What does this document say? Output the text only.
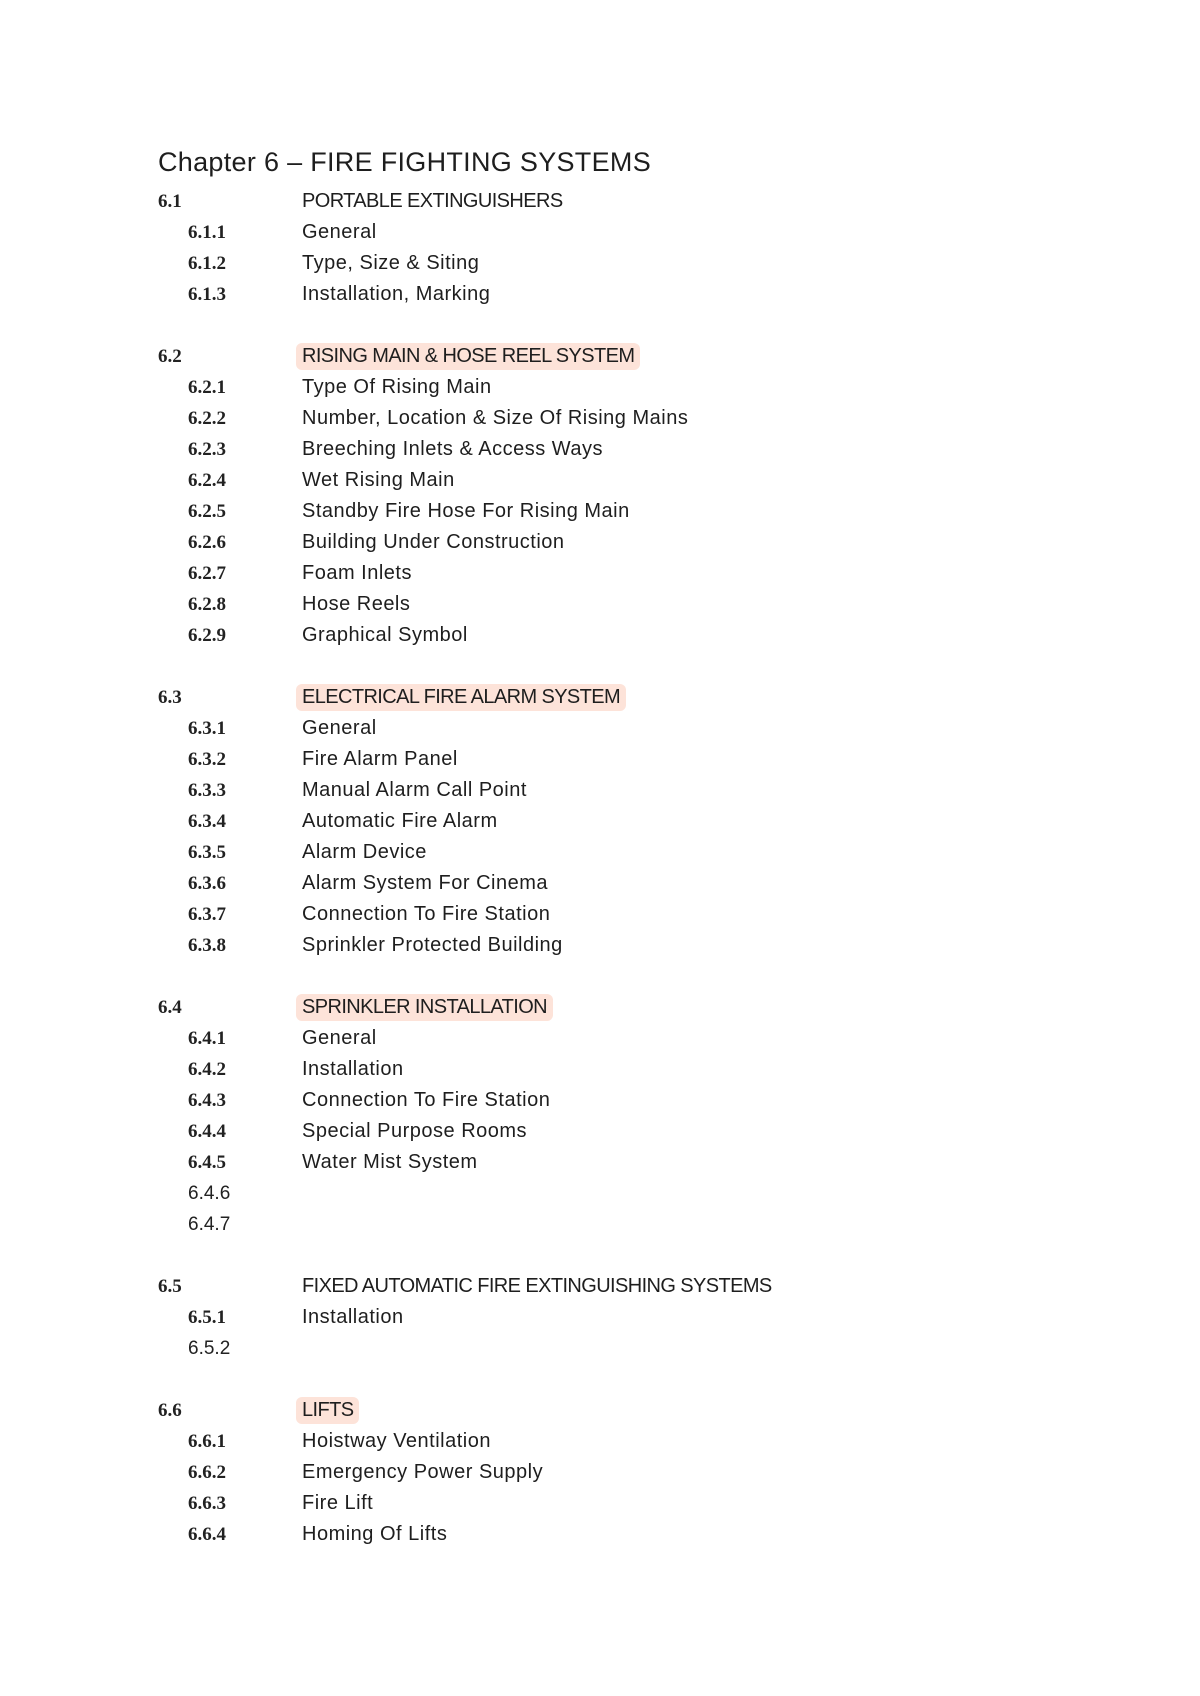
Chapter 6 – FIRE FIGHTING SYSTEMS
6.1	PORTABLE EXTINGUISHERS
6.1.1	General
6.1.2	Type, Size & Siting
6.1.3	Installation, Marking
6.2	RISING MAIN & HOSE REEL SYSTEM
6.2.1	Type Of Rising Main
6.2.2	Number, Location & Size Of Rising Mains
6.2.3	Breeching Inlets & Access Ways
6.2.4	Wet Rising Main
6.2.5	Standby Fire Hose For Rising Main
6.2.6	Building Under Construction
6.2.7	Foam Inlets
6.2.8	Hose Reels
6.2.9	Graphical Symbol
6.3	ELECTRICAL FIRE ALARM SYSTEM
6.3.1	General
6.3.2	Fire Alarm Panel
6.3.3	Manual Alarm Call Point
6.3.4	Automatic Fire Alarm
6.3.5	Alarm Device
6.3.6	Alarm System For Cinema
6.3.7	Connection To Fire Station
6.3.8	Sprinkler Protected Building
6.4	SPRINKLER INSTALLATION
6.4.1	General
6.4.2	Installation
6.4.3	Connection To Fire Station
6.4.4	Special Purpose Rooms
6.4.5	Water Mist System
6.4.6
6.4.7
6.5	FIXED AUTOMATIC FIRE EXTINGUISHING SYSTEMS
6.5.1	Installation
6.5.2
6.6	LIFTS
6.6.1	Hoistway Ventilation
6.6.2	Emergency Power Supply
6.6.3	Fire Lift
6.6.4	Homing Of Lifts
